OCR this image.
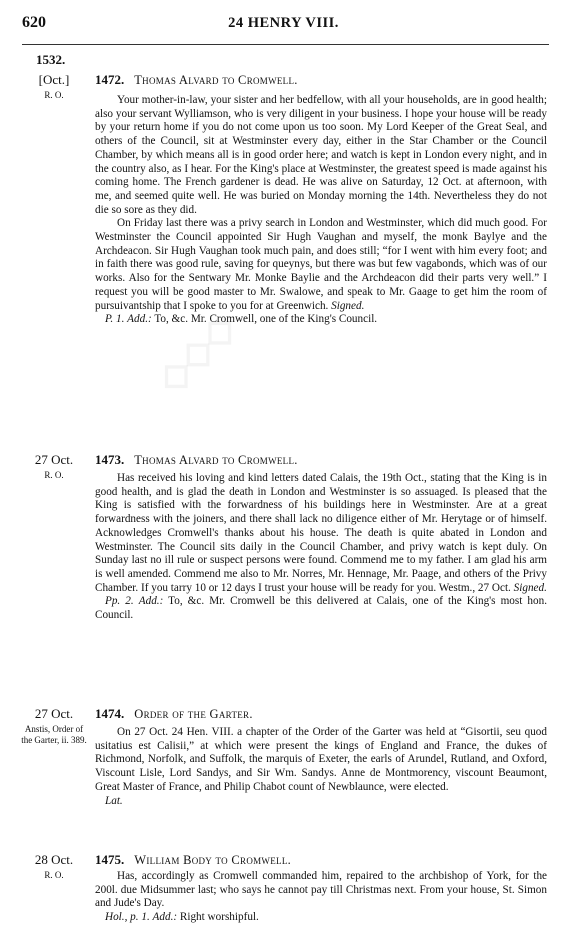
620	24 HENRY VIII.
1532.
[Oct.]
R. O.
1472. Thomas Alvard to Cromwell.

Your mother-in-law, your sister and her bedfellow, with all your households, are in good health; also your servant Wylliamson, who is very diligent in your business. I hope your house will be ready by your return home if you do not come upon us too soon. My Lord Keeper of the Great Seal, and others of the Council, sit at Westminster every day, either in the Star Chamber or the Council Chamber, by which means all is in good order here; and watch is kept in London every night, and in the country also, as I hear. For the King's place at Westminster, the greatest speed is made against his coming home. The French gardener is dead. He was alive on Saturday, 12 Oct. at afternoon, with me, and seemed quite well. He was buried on Monday morning the 14th. Nevertheless they do not die so sore as they did.

On Friday last there was a privy search in London and Westminster, which did much good. For Westminster the Council appointed Sir Hugh Vaughan and myself, the monk Baylye and the Archdeacon. Sir Hugh Vaughan took much pain, and does still; “for I went with him every foot; and in faith there was good rule, saving for queynys, but there was but few vagabonds, which was of our works. Also for the Sentwary Mr. Monke Baylie and the Archdeacon did their parts very well.” I request you will be good master to Mr. Swalowe, and speak to Mr. Gaage to get him the room of pursuivantship that I spoke to you for at Greenwich. Signed.

P. 1. Add.: To, &c. Mr. Cromwell, one of the King's Council.

27 Oct.
R. O.
1473. Thomas Alvard to Cromwell.

Has received his loving and kind letters dated Calais, the 19th Oct., stating that the King is in good health, and is glad the death in London and Westminster is so assuaged. Is pleased that the King is satisfied with the forwardness of his buildings here in Westminster. Are at a great forwardness with the joiners, and there shall lack no diligence either of Mr. Herytage or of himself. Acknowledges Cromwell's thanks about his house. The death is quite abated in London and Westminster. The Council sits daily in the Council Chamber, and privy watch is kept duly. On Sunday last no ill rule or suspect persons were found. Commend me to my father. I am glad his arm is well amended. Commend me also to Mr. Norres, Mr. Hennage, Mr. Paage, and others of the Privy Chamber. If you tarry 10 or 12 days I trust your house will be ready for you. Westm., 27 Oct. Signed.

Pp. 2. Add.: To, &c. Mr. Cromwell be this delivered at Calais, one of the King's most hon. Council.

27 Oct.
Anstis, Order of the Garter, ii. 389.
1474. Order of the Garter.

On 27 Oct. 24 Hen. VIII. a chapter of the Order of the Garter was held at “Gisortii, seu quod usitatius est Calisii,” at which were present the kings of England and France, the dukes of Richmond, Norfolk, and Suffolk, the marquis of Exeter, the earls of Arundel, Rutland, and Oxford, Viscount Lisle, Lord Sandys, and Sir Wm. Sandys. Anne de Montmorency, viscount Beaumont, Great Master of France, and Philip Chabot count of Newblaunce, were elected.

Lat.

28 Oct.
R. O.
1475. William Body to Cromwell.

Has, accordingly as Cromwell commanded him, repaired to the archbishop of York, for the 200l. due Midsummer last; who says he cannot pay till Christmas next. From your house, St. Simon and Jude's Day.

Hol., p. 1. Add.: Right worshipful.
